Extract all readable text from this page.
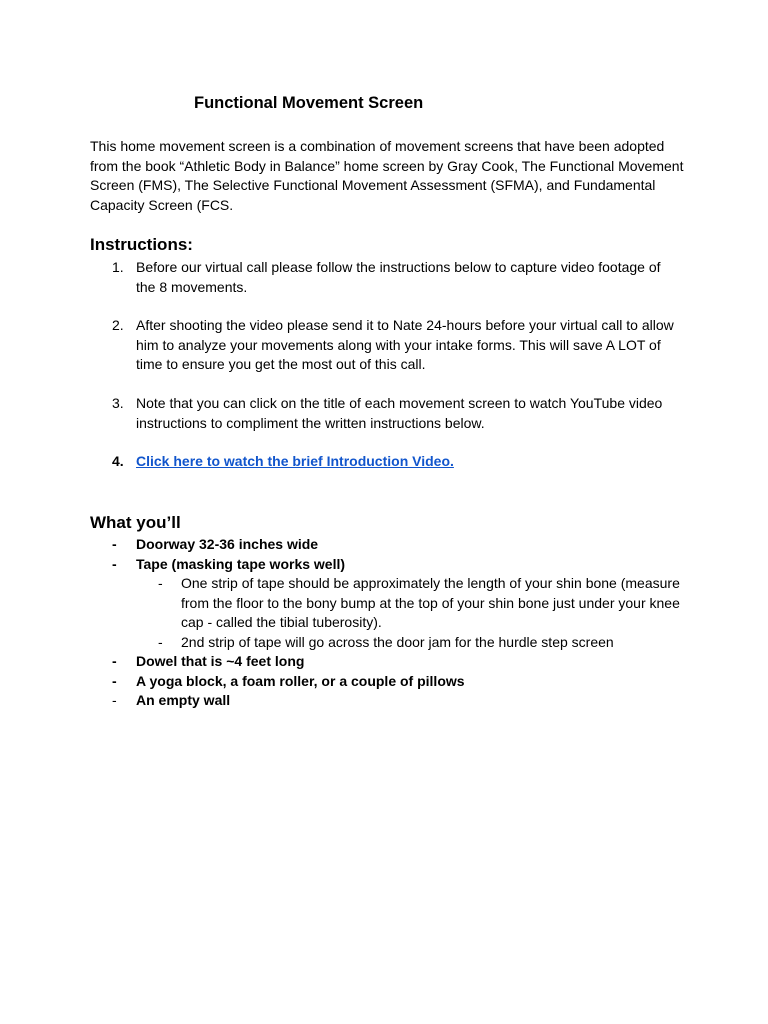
Functional Movement Screen

This home movement screen is a combination of movement screens that have been adopted from the book “Athletic Body in Balance” home screen by Gray Cook, The Functional Movement Screen (FMS), The Selective Functional Movement Assessment (SFMA), and Fundamental Capacity Screen (FCS.

Instructions:
1. Before our virtual call please follow the instructions below to capture video footage of the 8 movements.
2. After shooting the video please send it to Nate 24-hours before your virtual call to allow him to analyze your movements along with your intake forms. This will save A LOT of time to ensure you get the most out of this call.
3. Note that you can click on the title of each movement screen to watch YouTube video instructions to compliment the written instructions below.
4. Click here to watch the brief Introduction Video.
What you’ll
- Doorway 32-36 inches wide
- Tape (masking tape works well)
- One strip of tape should be approximately the length of your shin bone (measure from the floor to the bony bump at the top of your shin bone just under your knee cap - called the tibial tuberosity).
- 2nd strip of tape will go across the door jam for the hurdle step screen
- Dowel that is ~4 feet long
- A yoga block, a foam roller, or a couple of pillows
- An empty wall
